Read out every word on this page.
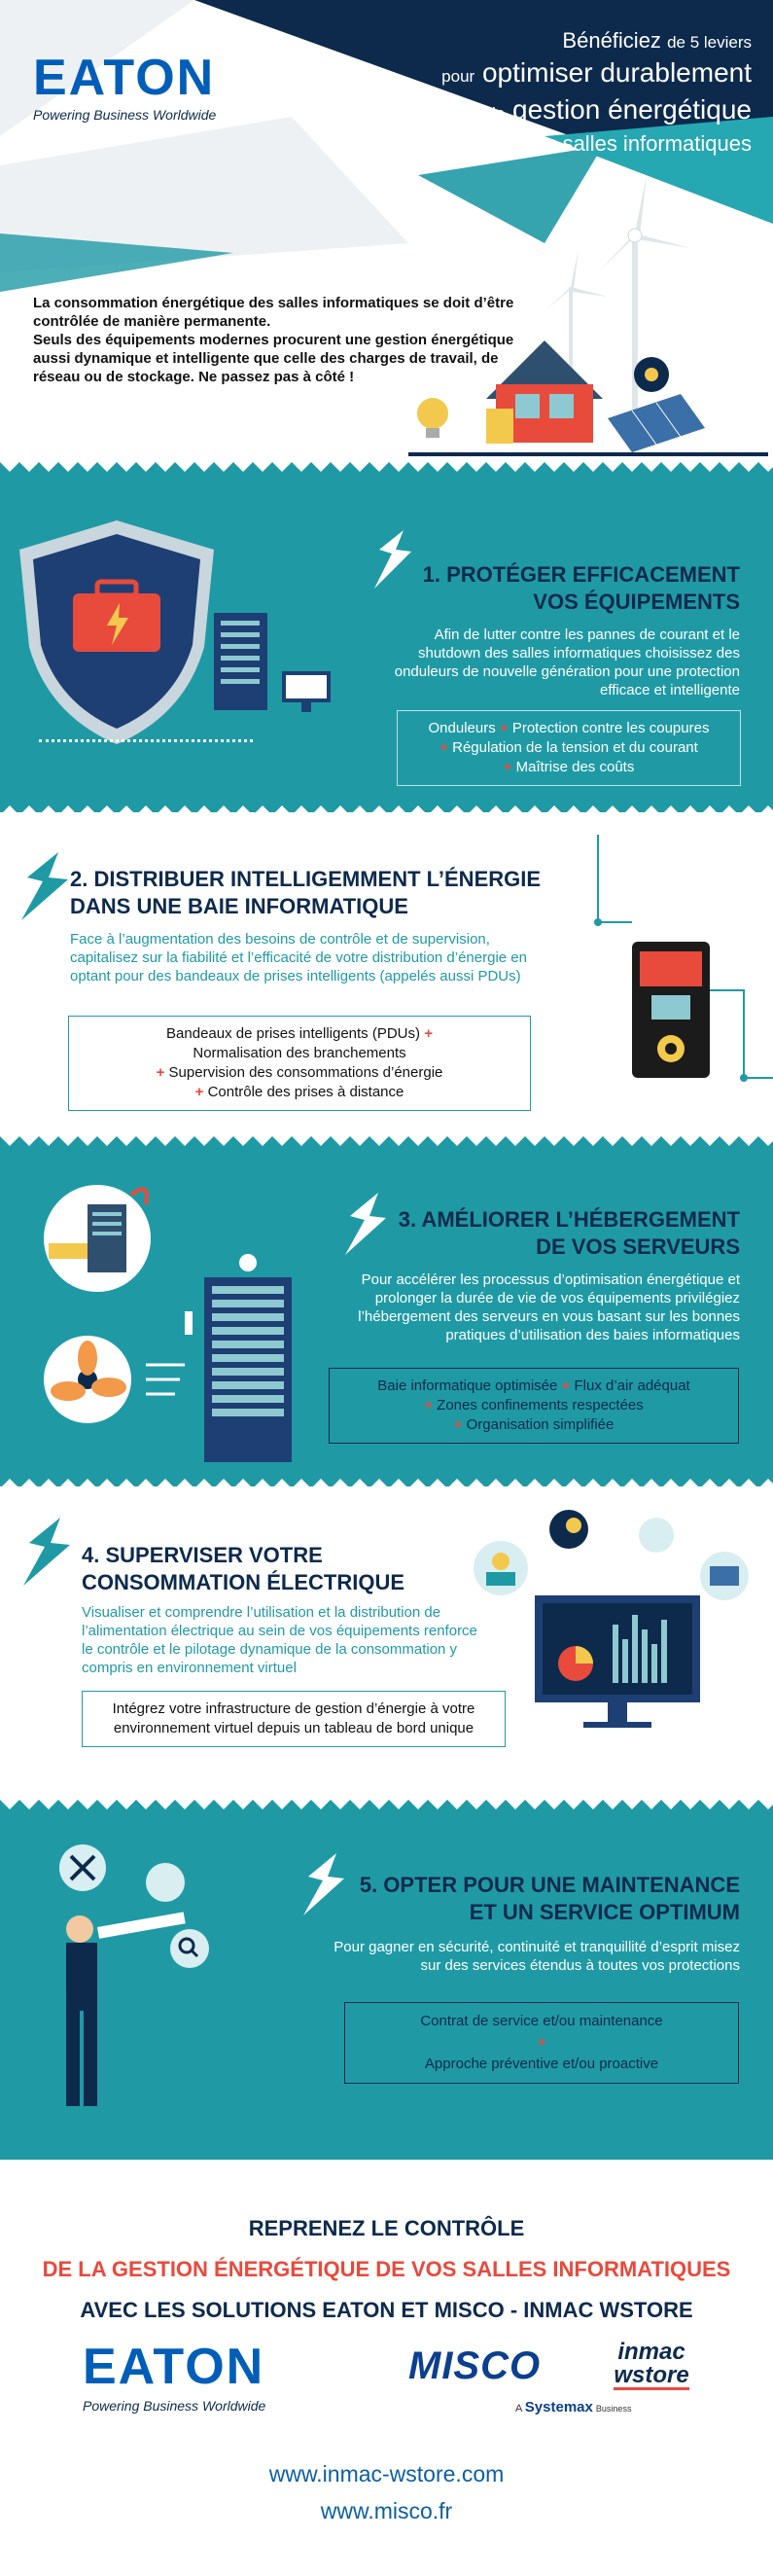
EATON
Powering Business Worldwide
Bénéficiez de 5 leviers
pour optimiser durablement
la gestion énergétique
des salles informatiques
La consommation énergétique des salles informatiques se doit d’être contrôlée de manière permanente.
Seuls des équipements modernes procurent une gestion énergétique aussi dynamique et intelligente que celle des charges de travail, de réseau ou de stockage. Ne passez pas à côté !
1. PROTÉGER EFFICACEMENT
VOS ÉQUIPEMENTS
Afin de lutter contre les pannes de courant et le shutdown des salles informatiques choisissez des onduleurs de nouvelle génération pour une protection efficace et intelligente
Onduleurs + Protection contre les coupures
+ Régulation de la tension et du courant
+ Maîtrise des coûts
2. DISTRIBUER INTELLIGEMMENT L’ÉNERGIE
DANS UNE BAIE INFORMATIQUE
Face à l’augmentation des besoins de contrôle et de supervision, capitalisez sur la fiabilité et l’efficacité de votre distribution d’énergie en optant pour des bandeaux de prises intelligents (appelés aussi PDUs)
Bandeaux de prises intelligents (PDUs) +
Normalisation des branchements
+ Supervision des consommations d’énergie
+ Contrôle des prises à distance
3. AMÉLIORER L’HÉBERGEMENT
DE VOS SERVEURS
Pour accélérer les processus d’optimisation énergétique et prolonger la durée de vie de vos équipements privilégiez l’hébergement des serveurs en vous basant sur les bonnes pratiques d’utilisation des baies informatiques
Baie informatique optimisée + Flux d’air adéquat
+ Zones confinements respectées
+ Organisation simplifiée
4. SUPERVISER VOTRE
CONSOMMATION ÉLECTRIQUE
Visualiser et comprendre l’utilisation et la distribution de l’alimentation électrique au sein de vos équipements renforce le contrôle et le pilotage dynamique de la consommation y compris en environnement virtuel
Intégrez votre infrastructure de gestion d’énergie à votre environnement virtuel depuis un tableau de bord unique
5. OPTER POUR UNE MAINTENANCE
ET UN SERVICE OPTIMUM
Pour gagner en sécurité, continuité et tranquillité d’esprit misez sur des services étendus à toutes vos protections
Contrat de service et/ou maintenance
+
Approche préventive et/ou proactive
REPRENEZ LE CONTRÔLE
DE LA GESTION ÉNERGÉTIQUE DE VOS SALLES INFORMATIQUES
AVEC LES SOLUTIONS EATON ET MISCO - INMAC WSTORE
EATON
Powering Business Worldwide
MISCO	inmac
wstore
A Systemax Business
www.inmac-wstore.com
www.misco.fr
